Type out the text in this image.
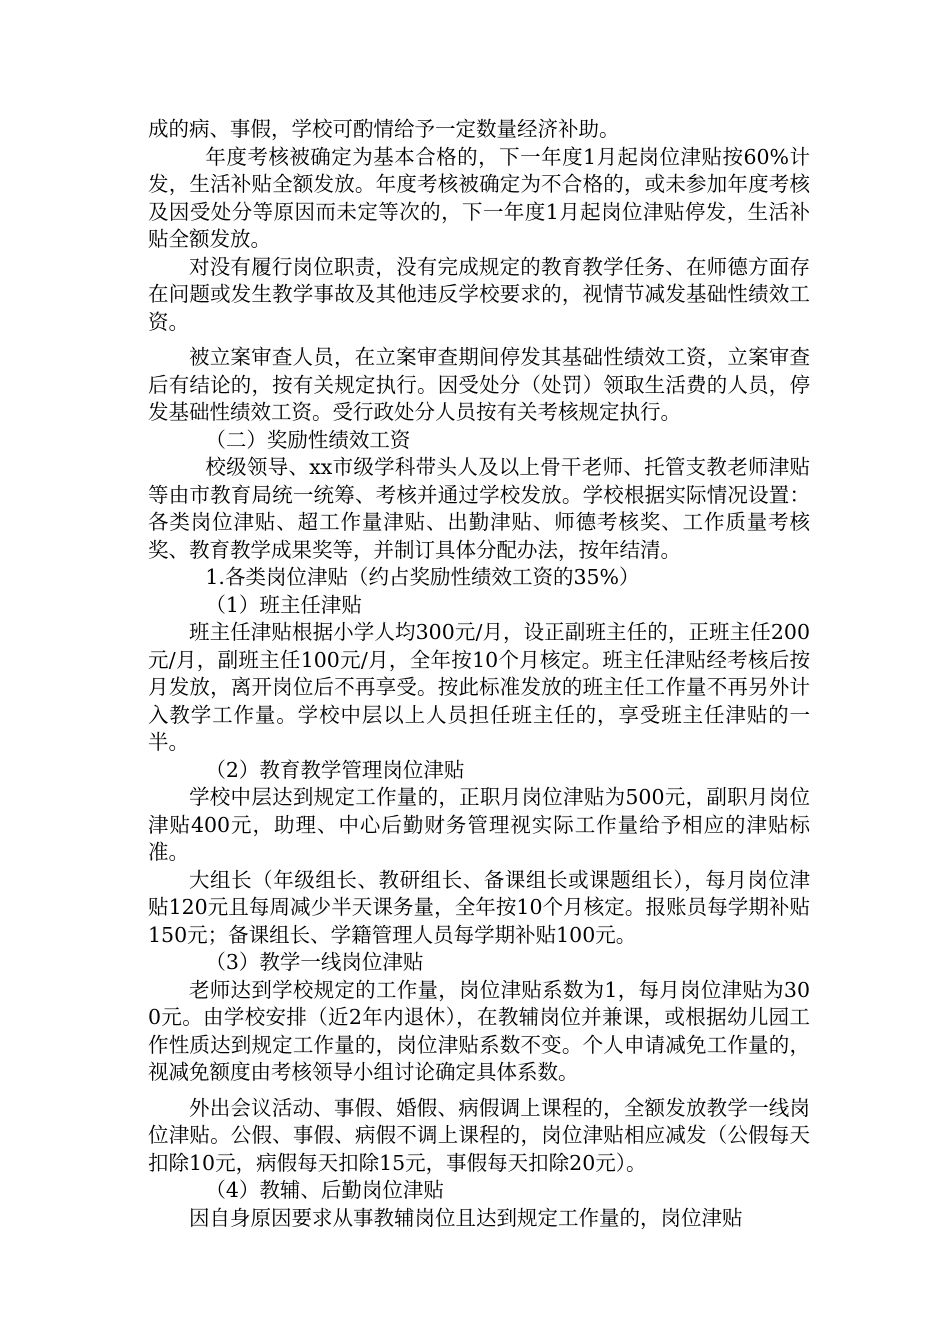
成的病、事假，学校可酌情给予一定数量经济补助。

年度考核被确定为基本合格的，下一年度1月起岗位津贴按60%计发，生活补贴全额发放。年度考核被确定为不合格的，或未参加年度考核及因受处分等原因而未定等次的，下一年度1月起岗位津贴停发，生活补贴全额发放。

对没有履行岗位职责，没有完成规定的教育教学任务、在师德方面存在问题或发生教学事故及其他违反学校要求的，视情节减发基础性绩效工资。

被立案审查人员，在立案审查期间停发其基础性绩效工资，立案审查后有结论的，按有关规定执行。因受处分（处罚）领取生活费的人员，停发基础性绩效工资。受行政处分人员按有关考核规定执行。

（二）奖励性绩效工资

校级领导、xx市级学科带头人及以上骨干老师、托管支教老师津贴等由市教育局统一统筹、考核并通过学校发放。学校根据实际情况设置：各类岗位津贴、超工作量津贴、出勤津贴、师德考核奖、工作质量考核奖、教育教学成果奖等，并制订具体分配办法，按年结清。

1.各类岗位津贴（约占奖励性绩效工资的35%）

（1）班主任津贴

班主任津贴根据小学人均300元/月，设正副班主任的，正班主任200元/月，副班主任100元/月，全年按10个月核定。班主任津贴经考核后按月发放，离开岗位后不再享受。按此标准发放的班主任工作量不再另外计入教学工作量。学校中层以上人员担任班主任的，享受班主任津贴的一半。

（2）教育教学管理岗位津贴

学校中层达到规定工作量的，正职月岗位津贴为500元，副职月岗位津贴400元，助理、中心后勤财务管理视实际工作量给予相应的津贴标准。

大组长（年级组长、教研组长、备课组长或课题组长），每月岗位津贴120元且每周减少半天课务量，全年按10个月核定。报账员每学期补贴150元；备课组长、学籍管理人员每学期补贴100元。

（3）教学一线岗位津贴

老师达到学校规定的工作量，岗位津贴系数为1，每月岗位津贴为300元。由学校安排（近2年内退休），在教辅岗位并兼课，或根据幼儿园工作性质达到规定工作量的，岗位津贴系数不变。个人申请减免工作量的，视减免额度由考核领导小组讨论确定具体系数。

外出会议活动、事假、婚假、病假调上课程的，全额发放教学一线岗位津贴。公假、事假、病假不调上课程的，岗位津贴相应减发（公假每天扣除10元，病假每天扣除15元，事假每天扣除20元）。

（4）教辅、后勤岗位津贴

因自身原因要求从事教辅岗位且达到规定工作量的，岗位津贴
